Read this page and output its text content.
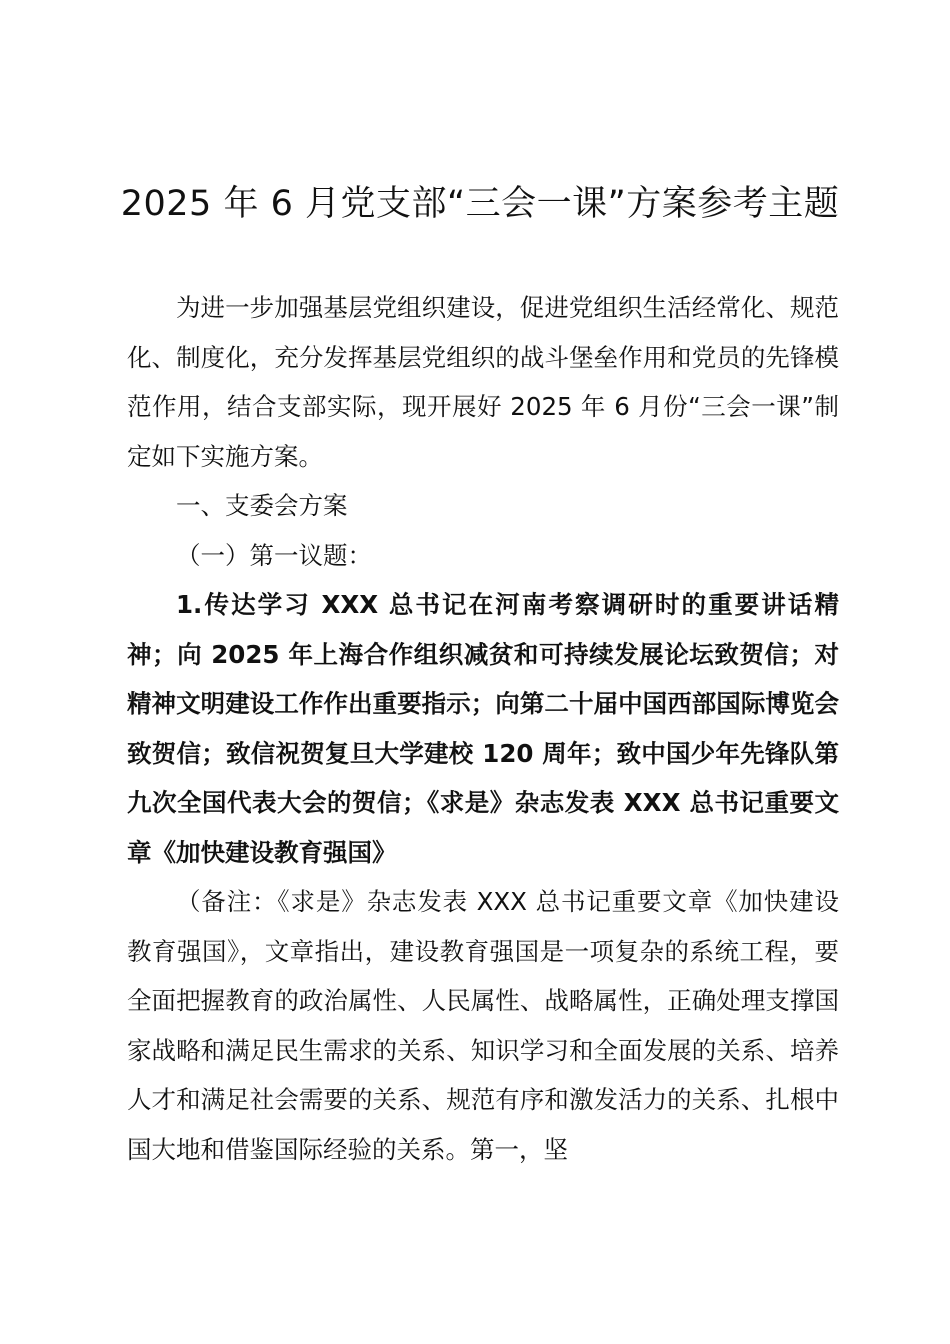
2025 年 6 月党支部“三会一课”方案参考主题

为进一步加强基层党组织建设，促进党组织生活经常化、规范化、制度化，充分发挥基层党组织的战斗堡垒作用和党员的先锋模范作用，结合支部实际，现开展好 2025 年 6 月份“三会一课”制定如下实施方案。

一、支委会方案

（一）第一议题：

1.传达学习 XXX 总书记在河南考察调研时的重要讲话精神；向 2025 年上海合作组织减贫和可持续发展论坛致贺信；对精神文明建设工作作出重要指示；向第二十届中国西部国际博览会致贺信；致信祝贺复旦大学建校 120 周年；致中国少年先锋队第九次全国代表大会的贺信；《求是》杂志发表 XXX 总书记重要文章《加快建设教育强国》

（备注：《求是》杂志发表 XXX 总书记重要文章《加快建设教育强国》，文章指出，建设教育强国是一项复杂的系统工程，要全面把握教育的政治属性、人民属性、战略属性，正确处理支撑国家战略和满足民生需求的关系、知识学习和全面发展的关系、培养人才和满足社会需要的关系、规范有序和激发活力的关系、扎根中国大地和借鉴国际经验的关系。第一，坚
